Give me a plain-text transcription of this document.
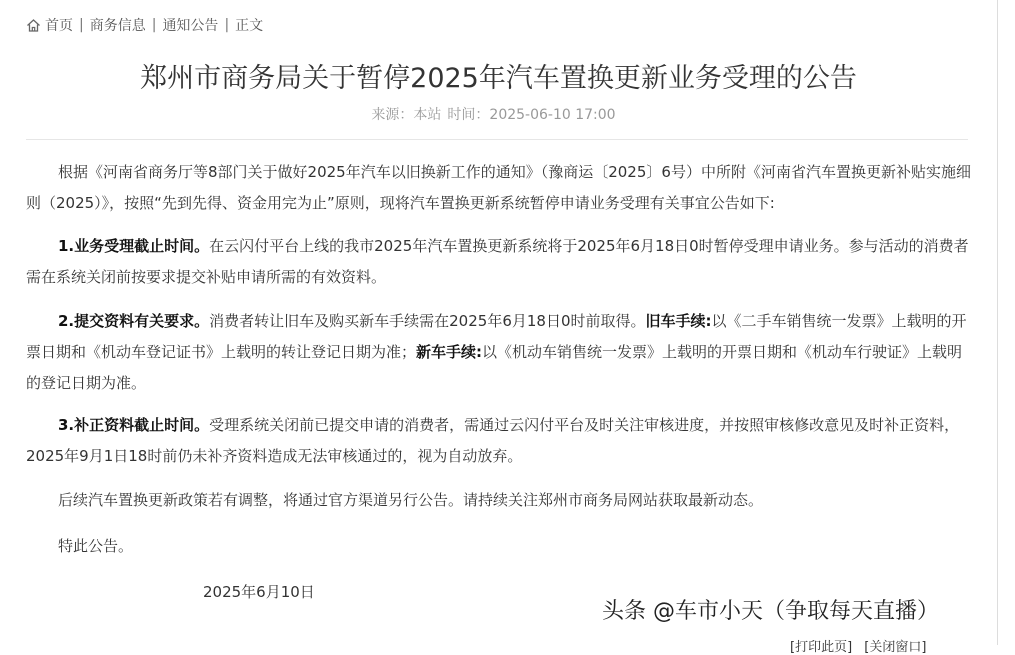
首页 | 商务信息 | 通知公告 | 正文
郑州市商务局关于暂停2025年汽车置换更新业务受理的公告
来源：本站 时间：2025-06-10 17:00

根据《河南省商务厅等8部门关于做好2025年汽车以旧换新工作的通知》（豫商运〔2025〕6号）中所附《河南省汽车置换更新补贴实施细则（2025）》，按照“先到先得、资金用完为止”原则，现将汽车置换更新系统暂停申请业务受理有关事宜公告如下:

1.业务受理截止时间。在云闪付平台上线的我市2025年汽车置换更新系统将于2025年6月18日0时暂停受理申请业务。参与活动的消费者需在系统关闭前按要求提交补贴申请所需的有效资料。

2.提交资料有关要求。消费者转让旧车及购买新车手续需在2025年6月18日0时前取得。旧车手续:以《二手车销售统一发票》上载明的开票日期和《机动车登记证书》上载明的转让登记日期为准；新车手续:以《机动车销售统一发票》上载明的开票日期和《机动车行驶证》上载明的登记日期为准。

3.补正资料截止时间。受理系统关闭前已提交申请的消费者，需通过云闪付平台及时关注审核进度，并按照审核修改意见及时补正资料，2025年9月1日18时前仍未补齐资料造成无法审核通过的，视为自动放弃。

后续汽车置换更新政策若有调整，将通过官方渠道另行公告。请持续关注郑州市商务局网站获取最新动态。

特此公告。

2025年6月10日
头条 @车市小天（争取每天直播）
[打印此页] [关闭窗口]
